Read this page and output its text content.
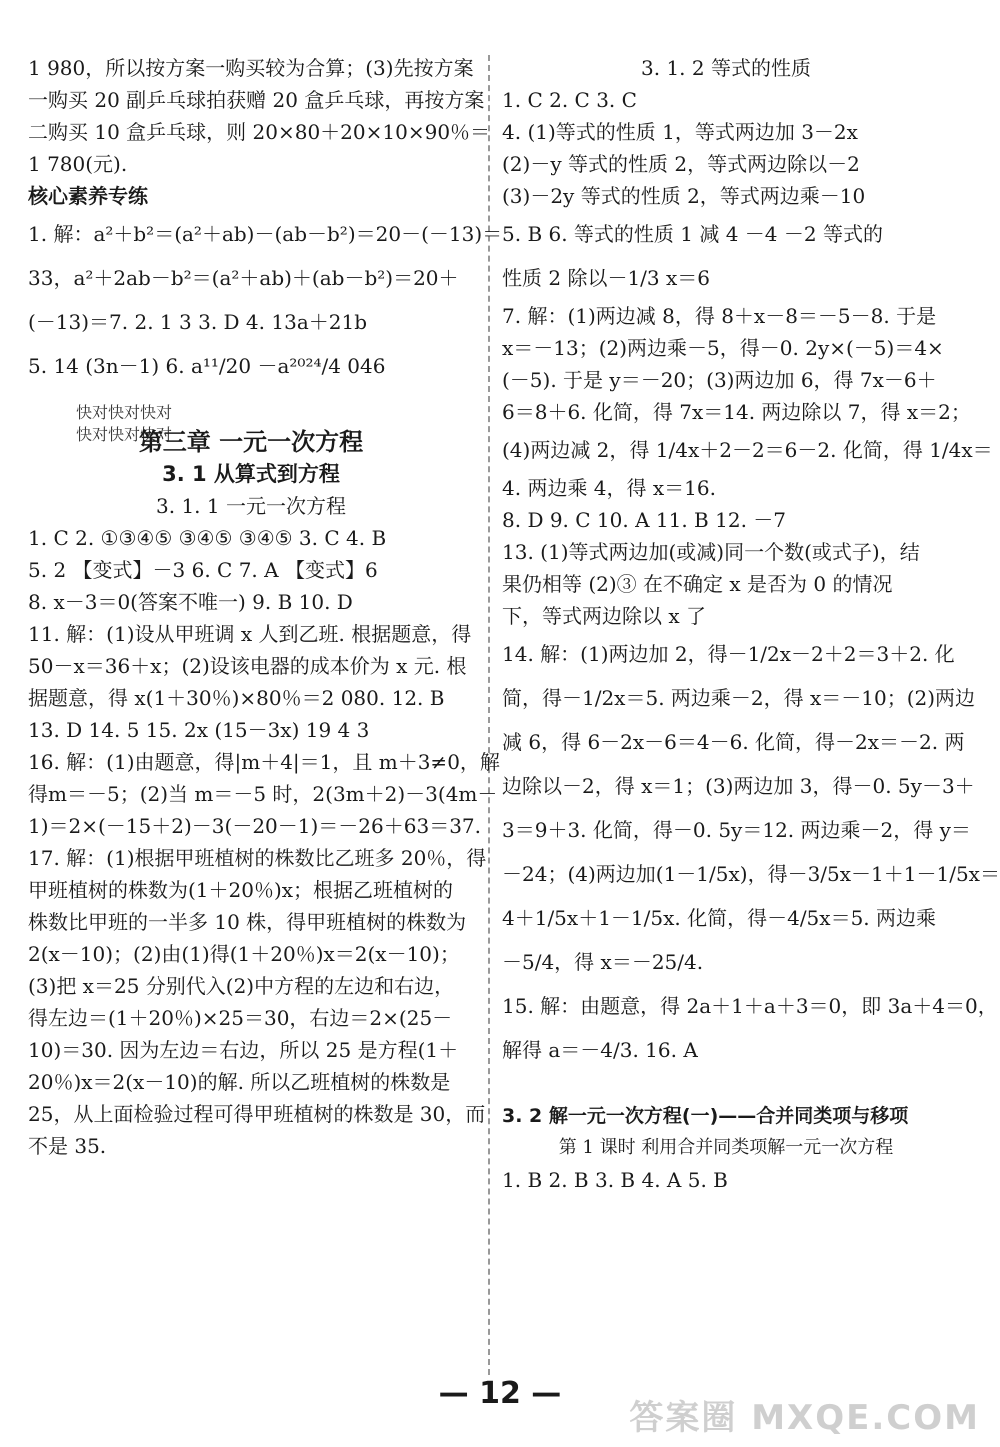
1 980，所以按方案一购买较为合算；(3)先按方案
一购买 20 副乒乓球拍获赠 20 盒乒乓球，再按方案
二购买 10 盒乒乓球，则 20×80＋20×10×90％＝
1 780(元).
核心素养专练
1. 解：a²＋b²＝(a²＋ab)－(ab－b²)＝20－(－13)＝
33，a²＋2ab－b²＝(a²＋ab)＋(ab－b²)＝20＋
(－13)＝7. 2. 1 3 3. D 4. 13a＋21b
5. 14 (3n－1) 6. a¹¹/20 －a²⁰²⁴/4 046
快对快对快对
快对快对快对
第三章 一元一次方程
3. 1 从算式到方程
3. 1. 1 一元一次方程
1. C 2. ①③④⑤ ③④⑤ ③④⑤ 3. C 4. B
5. 2 【变式】－3 6. C 7. A 【变式】6
8. x－3＝0(答案不唯一) 9. B 10. D
11. 解：(1)设从甲班调 x 人到乙班. 根据题意，得
50－x＝36＋x；(2)设该电器的成本价为 x 元. 根
据题意，得 x(1＋30％)×80％＝2 080. 12. B
13. D 14. 5 15. 2x (15－3x) 19 4 3
16. 解：(1)由题意，得|m＋4|＝1，且 m＋3≠0，解
得m＝－5；(2)当 m＝－5 时，2(3m＋2)－3(4m－
1)＝2×(－15＋2)－3(－20－1)＝－26＋63＝37.
17. 解：(1)根据甲班植树的株数比乙班多 20％，得
甲班植树的株数为(1＋20％)x；根据乙班植树的
株数比甲班的一半多 10 株，得甲班植树的株数为
2(x－10)；(2)由(1)得(1＋20％)x＝2(x－10)；
(3)把 x＝25 分别代入(2)中方程的左边和右边，
得左边＝(1＋20％)×25＝30，右边＝2×(25－
10)＝30. 因为左边＝右边，所以 25 是方程(1＋
20％)x＝2(x－10)的解. 所以乙班植树的株数是
25，从上面检验过程可得甲班植树的株数是 30，而
不是 35.
3. 1. 2 等式的性质
1. C 2. C 3. C
4. (1)等式的性质 1，等式两边加 3－2x
(2)－y 等式的性质 2，等式两边除以－2
(3)－2y 等式的性质 2，等式两边乘－10
5. B 6. 等式的性质 1 减 4 －4 －2 等式的
性质 2 除以－1/3 x＝6
7. 解：(1)两边减 8，得 8＋x－8＝－5－8. 于是
x＝－13；(2)两边乘－5，得－0. 2y×(－5)＝4×
(－5). 于是 y＝－20；(3)两边加 6，得 7x－6＋
6＝8＋6. 化简，得 7x＝14. 两边除以 7，得 x＝2；
(4)两边减 2，得 1/4x＋2－2＝6－2. 化简，得 1/4x＝
4. 两边乘 4，得 x＝16.
8. D 9. C 10. A 11. B 12. －7
13. (1)等式两边加(或减)同一个数(或式子)，结
果仍相等 (2)③ 在不确定 x 是否为 0 的情况
下，等式两边除以 x 了
14. 解：(1)两边加 2，得－1/2x－2＋2＝3＋2. 化
简，得－1/2x＝5. 两边乘－2，得 x＝－10；(2)两边
减 6，得 6－2x－6＝4－6. 化简，得－2x＝－2. 两
边除以－2，得 x＝1；(3)两边加 3，得－0. 5y－3＋
3＝9＋3. 化简，得－0. 5y＝12. 两边乘－2，得 y＝
－24；(4)两边加(1－1/5x)，得－3/5x－1＋1－1/5x＝
4＋1/5x＋1－1/5x. 化简，得－4/5x＝5. 两边乘
－5/4，得 x＝－25/4.
15. 解：由题意，得 2a＋1＋a＋3＝0，即 3a＋4＝0，
解得 a＝－4/3. 16. A
3. 2 解一元一次方程(一)——合并同类项与移项
第 1 课时 利用合并同类项解一元一次方程
1. B 2. B 3. B 4. A 5. B
— 12 —
答案圈 MXQE.COM
